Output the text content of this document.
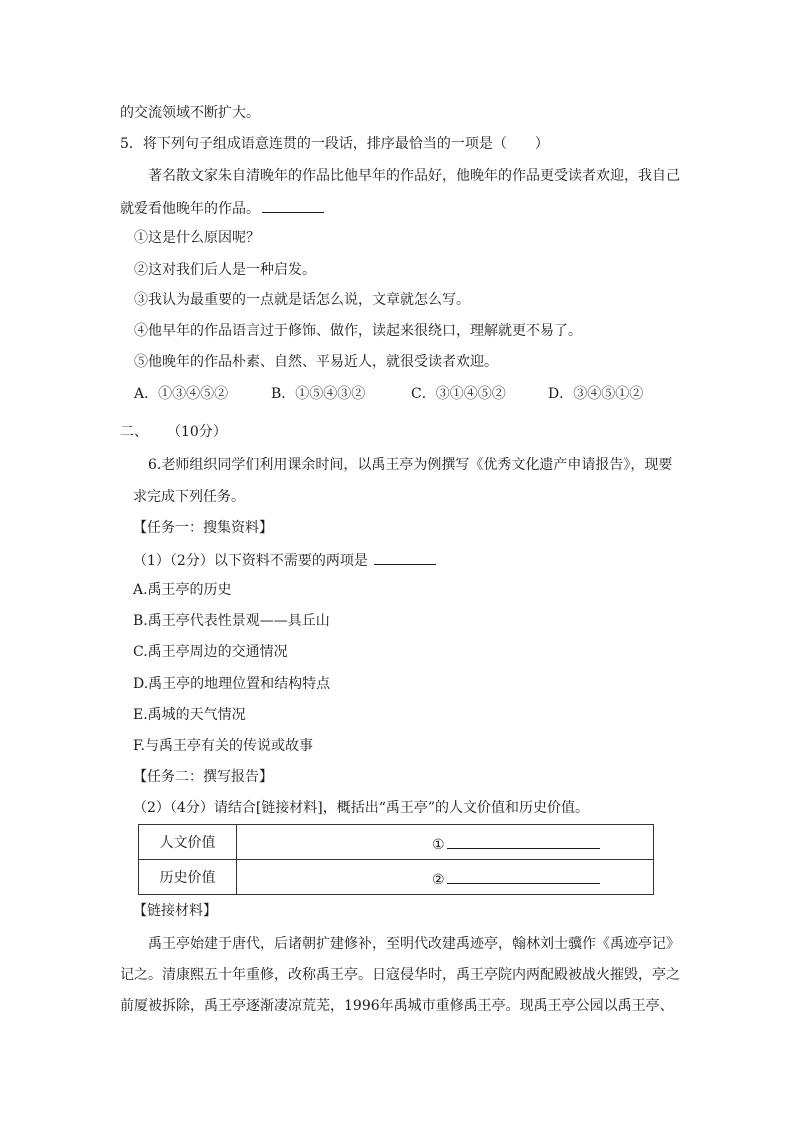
的交流领域不断扩大。
5．将下列句子组成语意连贯的一段话，排序最恰当的一项是（　　）
著名散文家朱自清晚年的作品比他早年的作品好，他晚年的作品更受读者欢迎，我自己
就爱看他晚年的作品。
①这是什么原因呢？
②这对我们后人是一种启发。
③我认为最重要的一点就是话怎么说，文章就怎么写。
④他早年的作品语言过于修饰、做作，读起来很绕口，理解就更不易了。
⑤他晚年的作品朴素、自然、平易近人，就很受读者欢迎。
A．①③④⑤②	B．①⑤④③②	C．③①④⑤②	D．③④⑤①②
二、 （10分）
6.老师组织同学们利用课余时间，以禹王亭为例撰写《优秀文化遗产申请报告》，现要
求完成下列任务。
【任务一：搜集资料】
（1）（2分）以下资料不需要的两项是
A.禹王亭的历史
B.禹王亭代表性景观——具丘山
C.禹王亭周边的交通情况
D.禹王亭的地理位置和结构特点
E.禹城的天气情况
F.与禹王亭有关的传说或故事
【任务二：撰写报告】
（2）（4分）请结合[链接材料]，概括出“禹王亭”的人文价值和历史价值。
人文价值	①

历史价值	②
【链接材料】
禹王亭始建于唐代，后诸朝扩建修补，至明代改建禹迹亭，翰林刘士骥作《禹迹亭记》
记之。清康熙五十年重修，改称禹王亭。日寇侵华时，禹王亭院内两配殿被战火摧毁，亭之
前厦被拆除，禹王亭逐渐凄凉荒芜，1996年禹城市重修禹王亭。现禹王亭公园以禹王亭、
